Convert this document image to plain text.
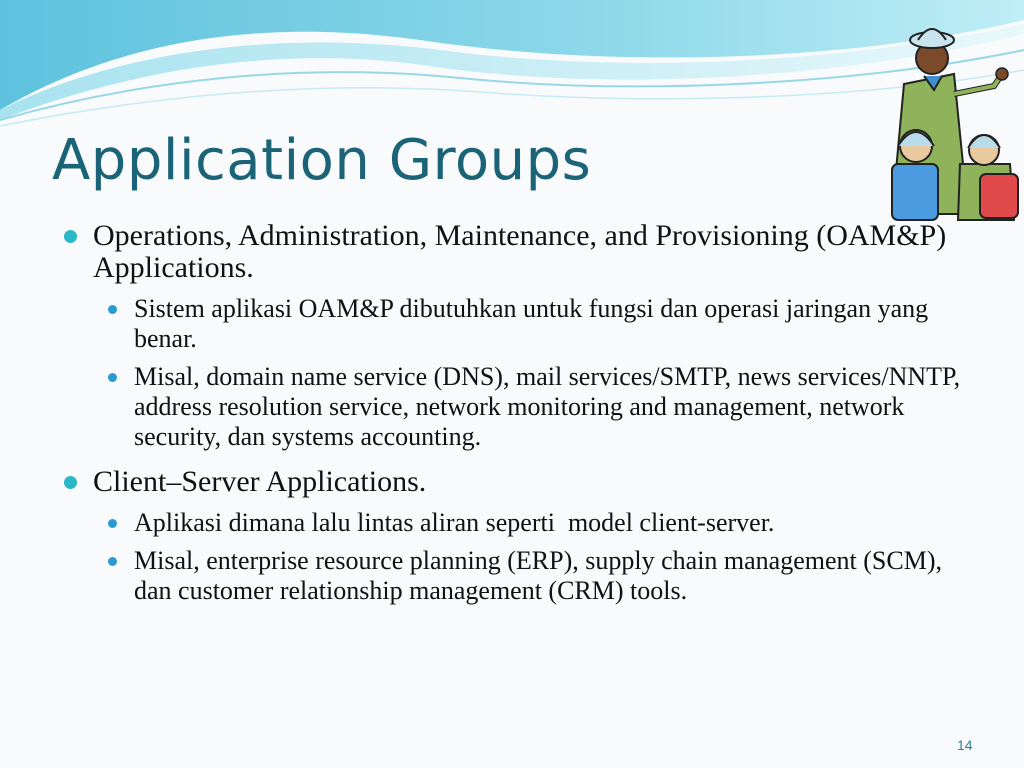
Application Groups
Operations, Administration, Maintenance, and Provisioning (OAM&P) Applications.
Sistem aplikasi OAM&P dibutuhkan untuk fungsi dan operasi jaringan yang benar.
Misal, domain name service (DNS), mail services/SMTP, news services/NNTP, address resolution service, network monitoring and management, network security, dan systems accounting.
Client–Server Applications.
Aplikasi dimana lalu lintas aliran seperti  model client-server.
Misal, enterprise resource planning (ERP), supply chain management (SCM), dan customer relationship management (CRM) tools.
14
